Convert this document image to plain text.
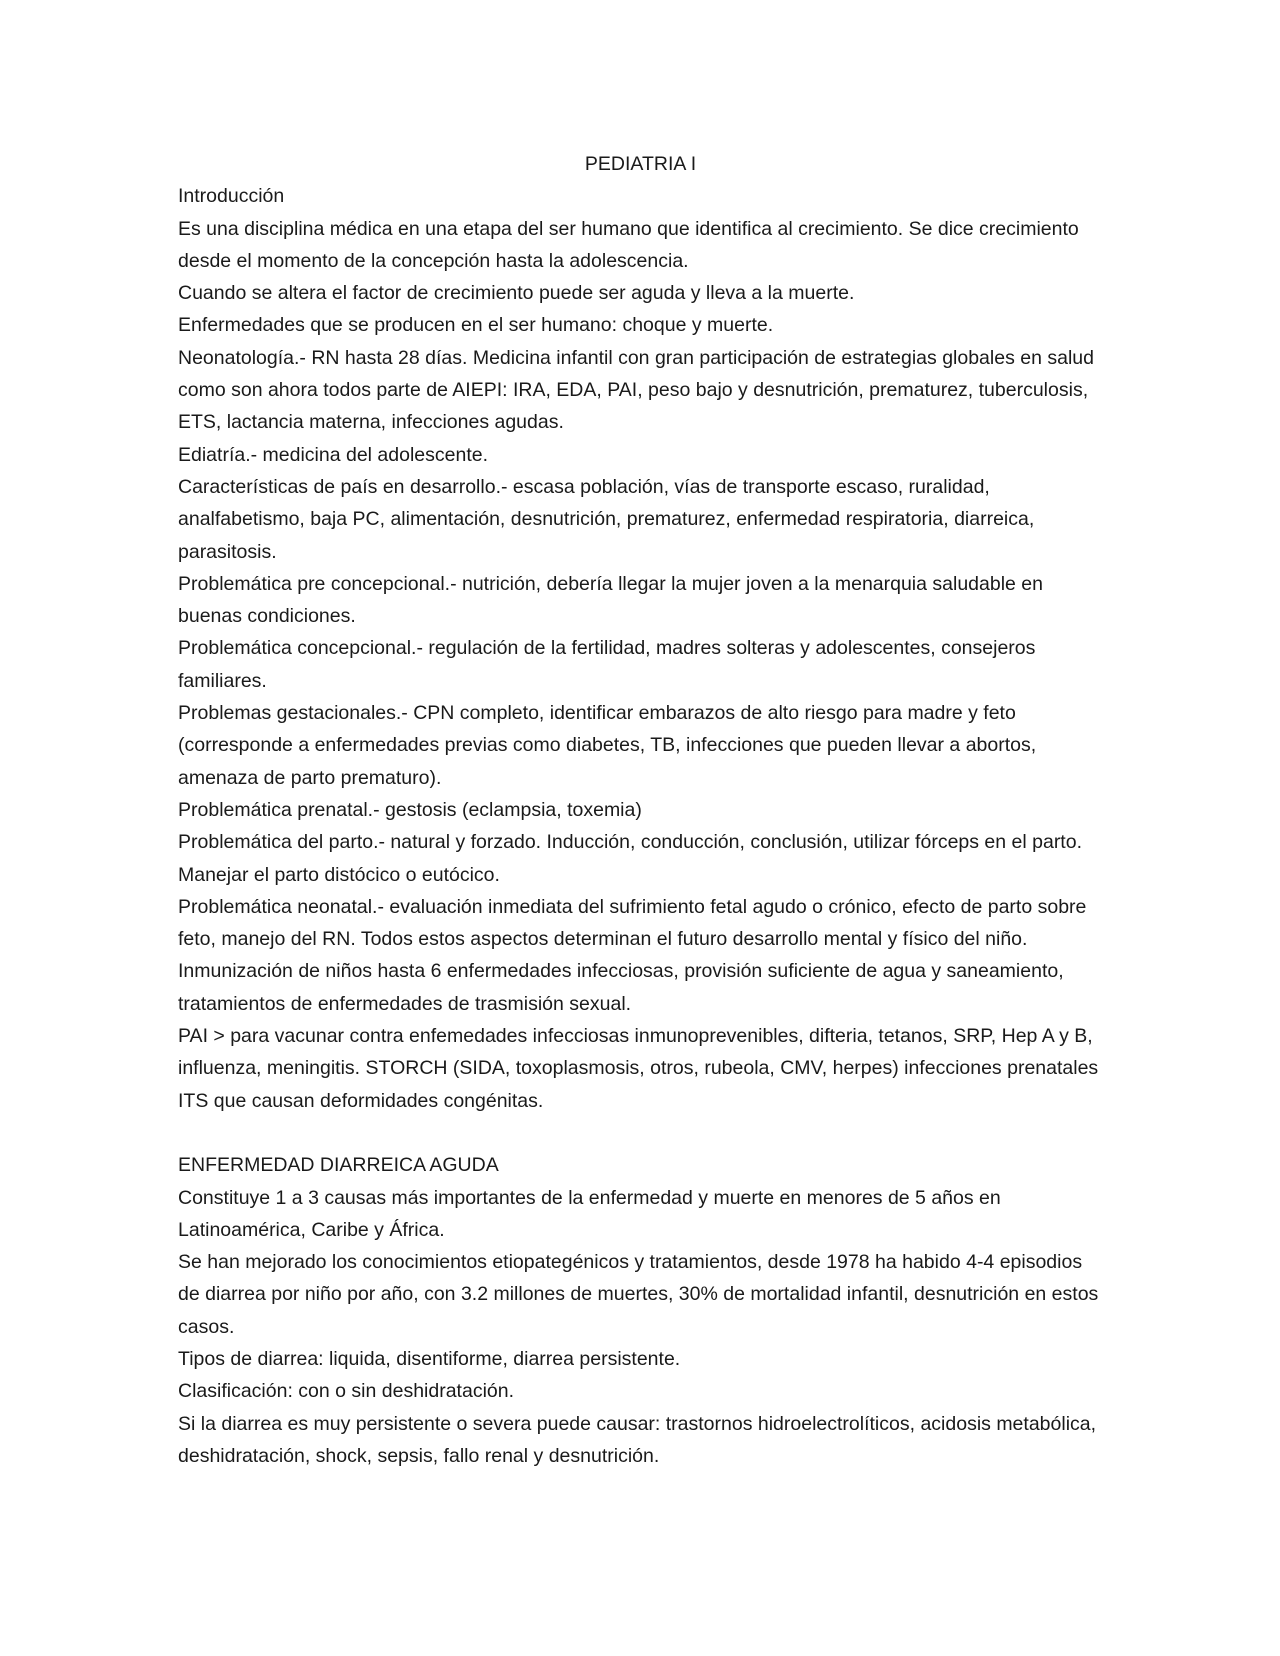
PEDIATRIA I
Introducción
Es una disciplina médica en una etapa del ser humano que identifica al crecimiento. Se dice crecimiento desde el momento de la concepción hasta la adolescencia.
Cuando se altera el factor de crecimiento puede ser aguda y lleva a la muerte.
Enfermedades que se producen en el ser humano: choque y muerte.
Neonatología.- RN hasta 28 días. Medicina infantil con gran participación de estrategias globales en salud como son ahora todos parte de AIEPI: IRA, EDA, PAI, peso bajo y desnutrición, prematurez, tuberculosis, ETS, lactancia materna, infecciones agudas.
Ediatría.- medicina del adolescente.
Características de país en desarrollo.- escasa población, vías de transporte escaso, ruralidad, analfabetismo, baja PC, alimentación, desnutrición, prematurez, enfermedad respiratoria, diarreica, parasitosis.
Problemática pre concepcional.- nutrición, debería llegar la mujer joven a la menarquia saludable en buenas condiciones.
Problemática concepcional.- regulación de la fertilidad, madres solteras y adolescentes, consejeros familiares.
Problemas gestacionales.- CPN completo, identificar embarazos de alto riesgo para madre y feto (corresponde a enfermedades previas como diabetes, TB, infecciones que pueden llevar a abortos, amenaza de parto prematuro).
Problemática prenatal.- gestosis (eclampsia, toxemia)
Problemática del parto.- natural y forzado. Inducción, conducción, conclusión, utilizar fórceps en el parto. Manejar el parto distócico o eutócico.
Problemática neonatal.- evaluación inmediata del sufrimiento fetal agudo o crónico, efecto de parto sobre feto, manejo del RN. Todos estos aspectos determinan el futuro desarrollo mental y físico del niño.
Inmunización de niños hasta 6 enfermedades infecciosas, provisión suficiente de agua y saneamiento, tratamientos de enfermedades de trasmisión sexual.
PAI > para vacunar contra enfemedades infecciosas inmunoprevenibles, difteria, tetanos, SRP, Hep A y B, influenza, meningitis. STORCH (SIDA, toxoplasmosis, otros, rubeola, CMV, herpes) infecciones prenatales ITS que causan deformidades congénitas.
ENFERMEDAD DIARREICA AGUDA
Constituye 1 a 3 causas más importantes de la enfermedad y muerte en menores de 5 años en Latinoamérica, Caribe y África.
Se han mejorado los conocimientos etiopategénicos y tratamientos, desde 1978 ha habido 4-4 episodios de diarrea por niño por año, con 3.2 millones de muertes, 30% de mortalidad infantil, desnutrición en estos casos.
Tipos de diarrea: liquida, disentiforme, diarrea persistente.
Clasificación: con o sin deshidratación.
Si la diarrea es muy persistente o severa puede causar: trastornos hidroelectrolíticos, acidosis metabólica, deshidratación, shock, sepsis, fallo renal y desnutrición.
